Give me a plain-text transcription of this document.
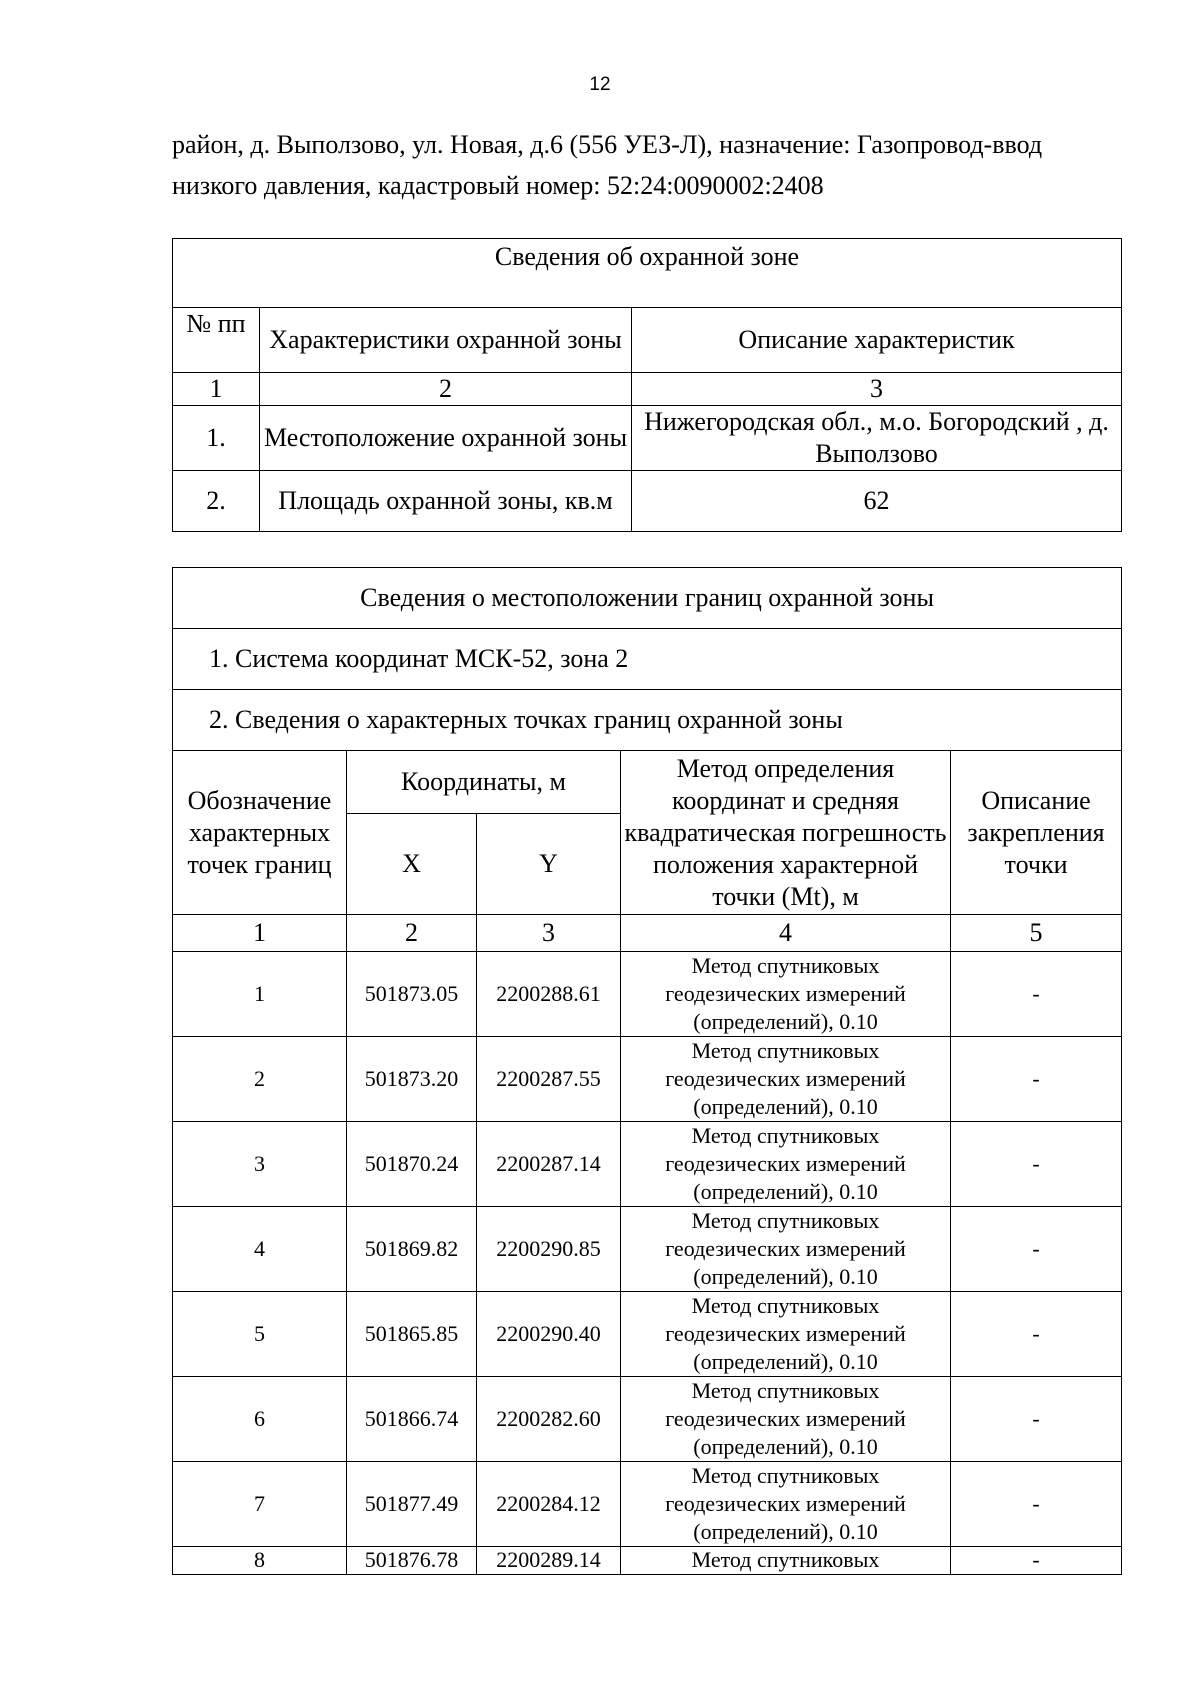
12
район, д. Выползово, ул. Новая, д.6 (556 УЕЗ-Л), назначение: Газопровод-ввод
низкого давления, кадастровый номер: 52:24:0090002:2408
Сведения об охранной зоне		
№ пп	Характеристики охранной зоны	Описание характеристик
1	2	3
1.	Местоположение охранной зоны	Нижегородская обл., м.о. Богородский , д. Выползово
2.	Площадь охранной зоны, кв.м	62
Сведения о местоположении границ охранной зоны				
1. Система координат МСК-52, зона 2				
2. Сведения о характерных точках границ охранной зоны				
Обозначение характерных точек границ	Координаты, м		Метод определения координат и средняя квадратическая погрешность положения характерной точки (Mt), м	Описание закрепления точки
	X	Y		
1	2	3	4	5
1	501873.05	2200288.61	Метод спутниковых геодезических измерений (определений), 0.10	-
2	501873.20	2200287.55	Метод спутниковых геодезических измерений (определений), 0.10	-
3	501870.24	2200287.14	Метод спутниковых геодезических измерений (определений), 0.10	-
4	501869.82	2200290.85	Метод спутниковых геодезических измерений (определений), 0.10	-
5	501865.85	2200290.40	Метод спутниковых геодезических измерений (определений), 0.10	-
6	501866.74	2200282.60	Метод спутниковых геодезических измерений (определений), 0.10	-
7	501877.49	2200284.12	Метод спутниковых геодезических измерений (определений), 0.10	-
8	501876.78	2200289.14	Метод спутниковых	-
